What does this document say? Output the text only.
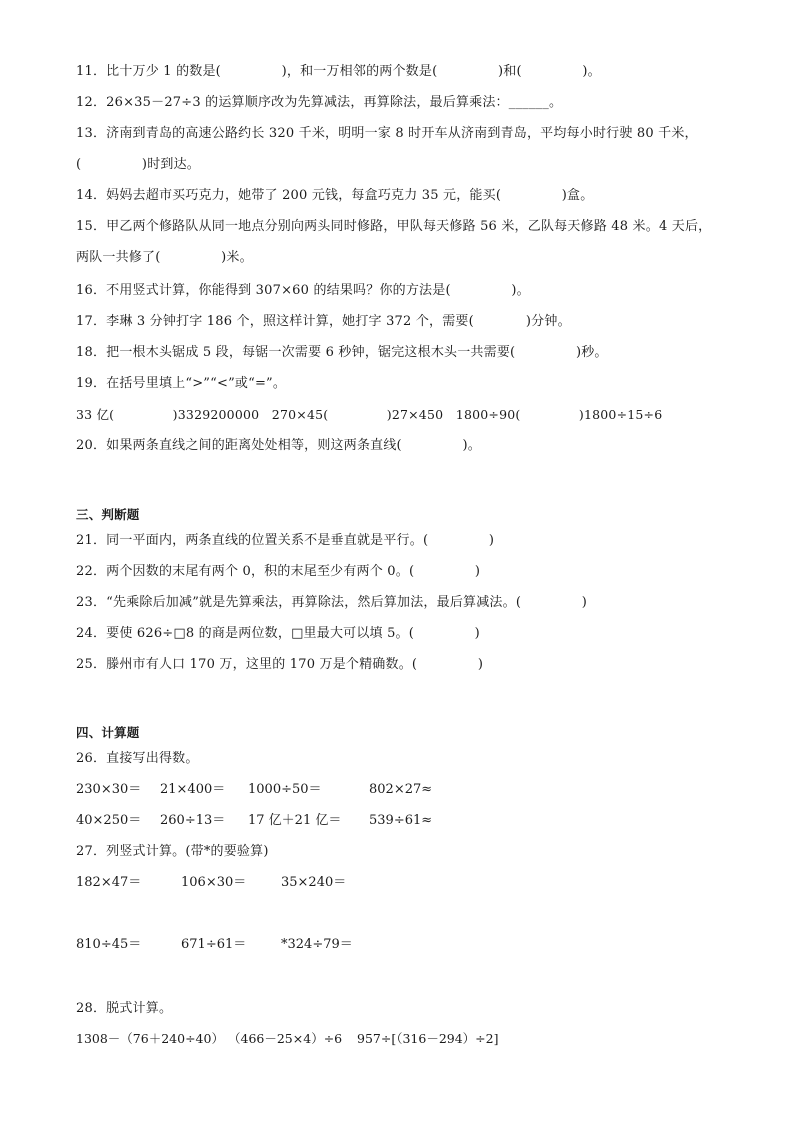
11．比十万少 1 的数是(              )，和一万相邻的两个数是(              )和(              )。
12．26×35－27÷3 的运算顺序改为先算减法，再算除法，最后算乘法：______。
13．济南到青岛的高速公路约长 320 千米，明明一家 8 时开车从济南到青岛，平均每小时行驶 80 千米，
(              )时到达。
14．妈妈去超市买巧克力，她带了 200 元钱，每盒巧克力 35 元，能买(              )盒。
15．甲乙两个修路队从同一地点分别向两头同时修路，甲队每天修路 56 米，乙队每天修路 48 米。4 天后，
两队一共修了(              )米。
16．不用竖式计算，你能得到 307×60 的结果吗？你的方法是(              )。
17．李琳 3 分钟打字 186 个，照这样计算，她打字 372 个，需要(            )分钟。
18．把一根木头锯成 5 段，每锯一次需要 6 秒钟，锯完这根木头一共需要(              )秒。
19．在括号里填上“>”“<”或“=”。
33 亿(              )3329200000   270×45(              )27×450   1800÷90(              )1800÷15÷6
20．如果两条直线之间的距离处处相等，则这两条直线(              )。
三、判断题
21．同一平面内，两条直线的位置关系不是垂直就是平行。(              )
22．两个因数的末尾有两个 0，积的末尾至少有两个 0。(              )
23．“先乘除后加减”就是先算乘法，再算除法，然后算加法，最后算减法。(              )
24．要使 626÷□8 的商是两位数，□里最大可以填 5。(              )
25．滕州市有人口 170 万，这里的 170 万是个精确数。(              )
四、计算题
26．直接写出得数。
230×30＝ 21×400＝ 1000÷50＝	802×27≈
40×250＝ 260÷13＝ 17 亿＋21 亿＝ 539÷61≈
27．列竖式计算。(带*的要验算)
182×47＝	106×30＝	35×240＝
810÷45＝	671÷61＝	*324÷79＝
28．脱式计算。
1308－（76＋240÷40） （466－25×4）÷6 957÷[（316－294）÷2]
